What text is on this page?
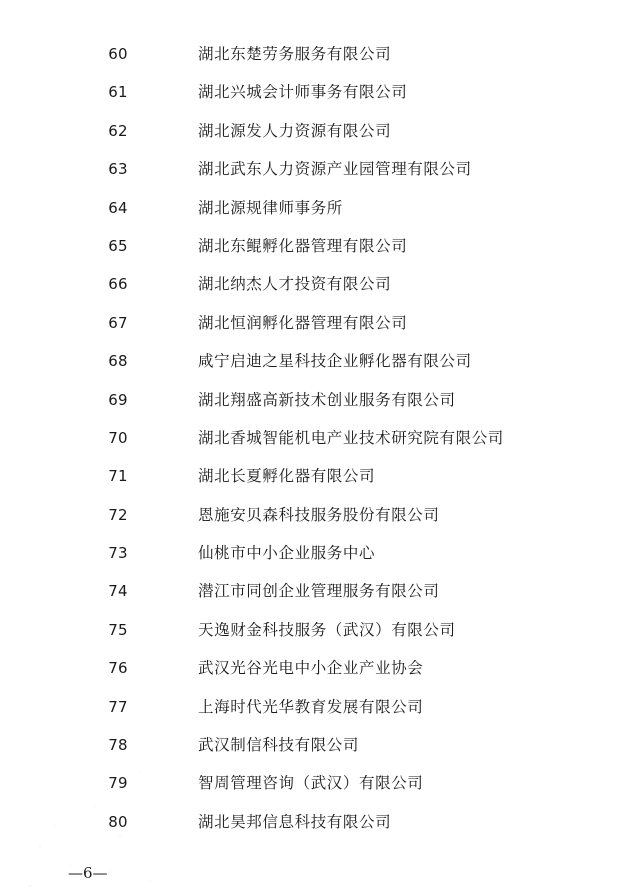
60	湖北东楚劳务服务有限公司
61	湖北兴城会计师事务有限公司
62	湖北源发人力资源有限公司
63	湖北武东人力资源产业园管理有限公司
64	湖北源规律师事务所
65	湖北东鲲孵化器管理有限公司
66	湖北纳杰人才投资有限公司
67	湖北恒润孵化器管理有限公司
68	咸宁启迪之星科技企业孵化器有限公司
69	湖北翔盛高新技术创业服务有限公司
70	湖北香城智能机电产业技术研究院有限公司
71	湖北长夏孵化器有限公司
72	恩施安贝森科技服务股份有限公司
73	仙桃市中小企业服务中心
74	潜江市同创企业管理服务有限公司
75	天逸财金科技服务（武汉）有限公司
76	武汉光谷光电中小企业产业协会
77	上海时代光华教育发展有限公司
78	武汉制信科技有限公司
79	智周管理咨询（武汉）有限公司
80	湖北昊邦信息科技有限公司
—6—
